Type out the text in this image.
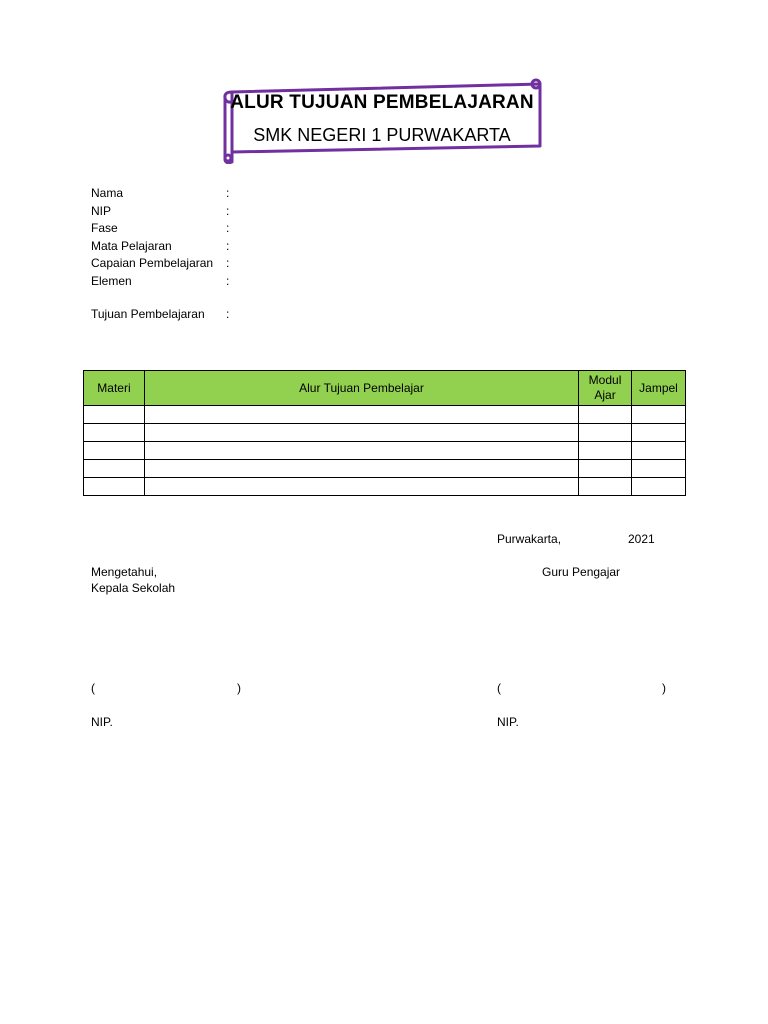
ALUR TUJUAN PEMBELAJARAN
SMK NEGERI 1 PURWAKARTA
Nama	:
NIP	:
Fase	:
Mata Pelajaran	:
Capaian Pembelajaran :
Elemen	:
Tujuan Pembelajaran :
Materi	Alur Tujuan Pembelajar	Modul Ajar	Jampel

Purwakarta,	2021
Mengetahui,
Kepala Sekolah
Guru Pengajar
(	)	(	)
NIP.	NIP.
